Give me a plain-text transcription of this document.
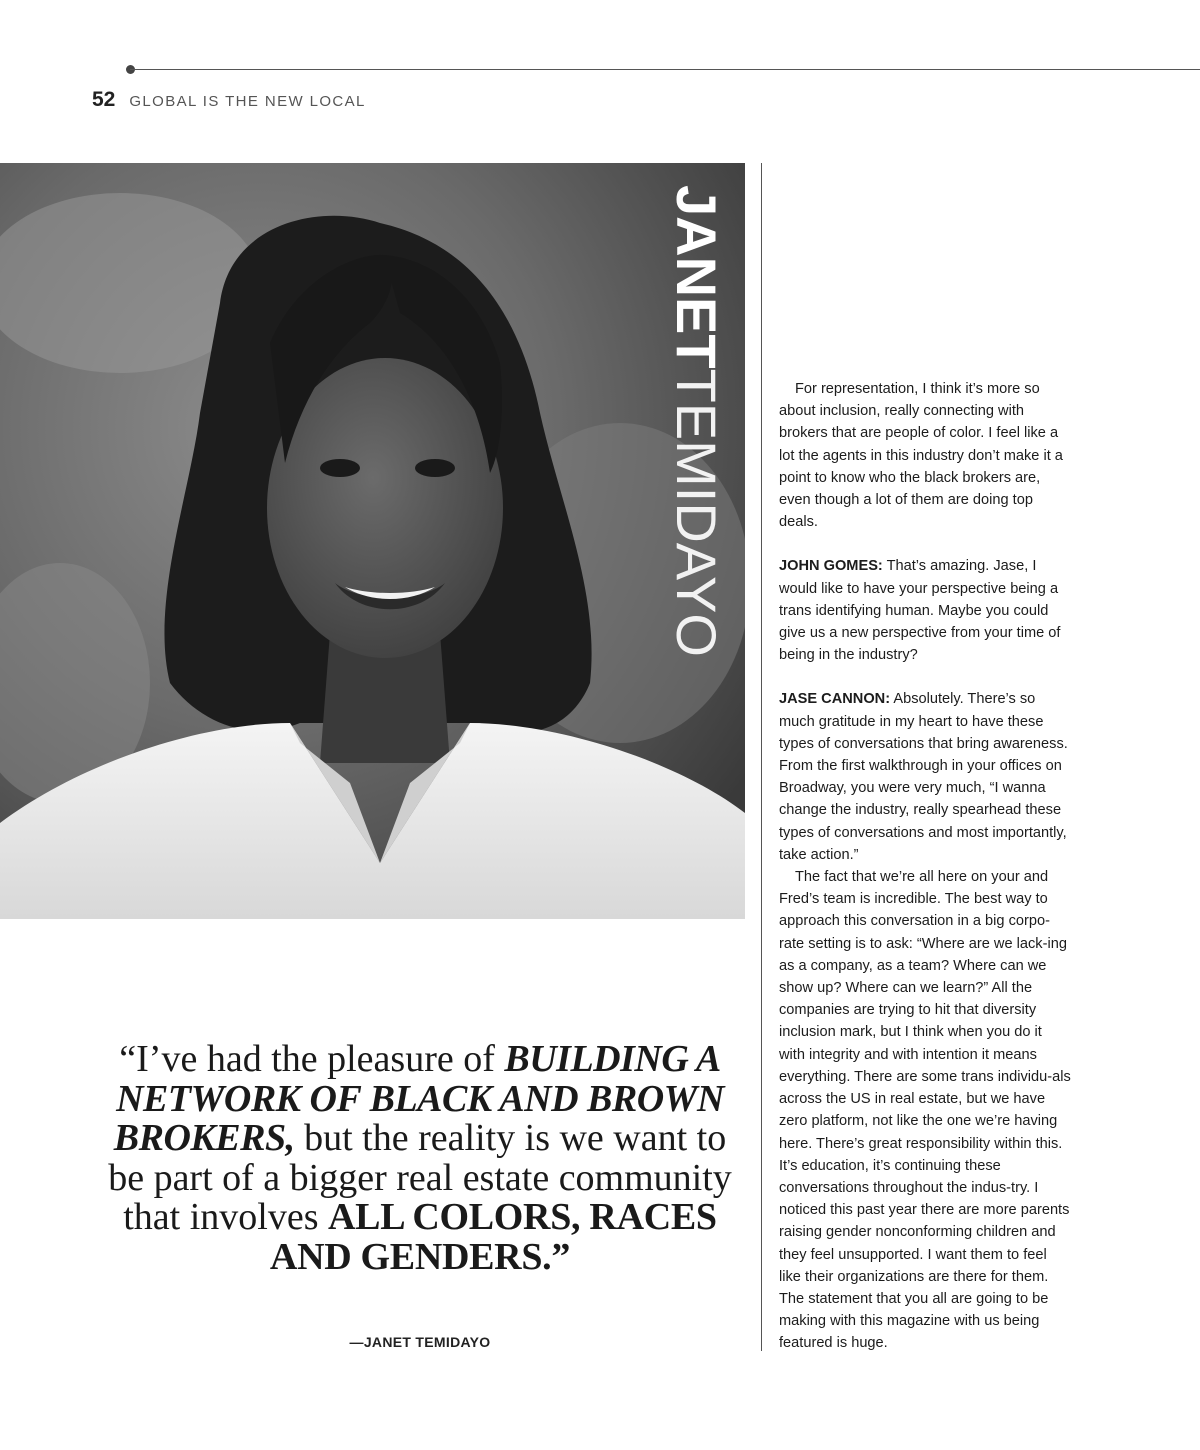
52 GLOBAL IS THE NEW LOCAL
JANETTEMIDAYO
“I’ve had the pleasure of BUILDING A NETWORK OF BLACK AND BROWN BROKERS, but the reality is we want to be part of a bigger real estate community that involves ALL COLORS, RACES AND GENDERS.”
—JANET TEMIDAYO

For representation, I think it’s more so about inclusion, really connecting with brokers that are people of color. I feel like a lot the agents in this industry don’t make it a point to know who the black brokers are, even though a lot of them are doing top deals.

JOHN GOMES: That’s amazing. Jase, I would like to have your perspective being a trans identifying human. Maybe you could give us a new perspective from your time of being in the industry?

JASE CANNON: Absolutely. There’s so much gratitude in my heart to have these types of conversations that bring awareness. From the first walkthrough in your offices on Broadway, you were very much, “I wanna change the industry, really spearhead these types of conversations and most importantly, take action.”

The fact that we’re all here on your and Fred’s team is incredible. The best way to approach this conversation in a big corpo-rate setting is to ask: “Where are we lack-ing as a company, as a team? Where can we show up? Where can we learn?” All the companies are trying to hit that diversity inclusion mark, but I think when you do it with integrity and with intention it means everything. There are some trans individu-als across the US in real estate, but we have zero platform, not like the one we’re having here. There’s great responsibility within this. It’s education, it’s continuing these conversations throughout the indus-try. I noticed this past year there are more parents raising gender nonconforming children and they feel unsupported. I want them to feel like their organizations are there for them. The statement that you all are going to be making with this magazine with us being featured is huge.
